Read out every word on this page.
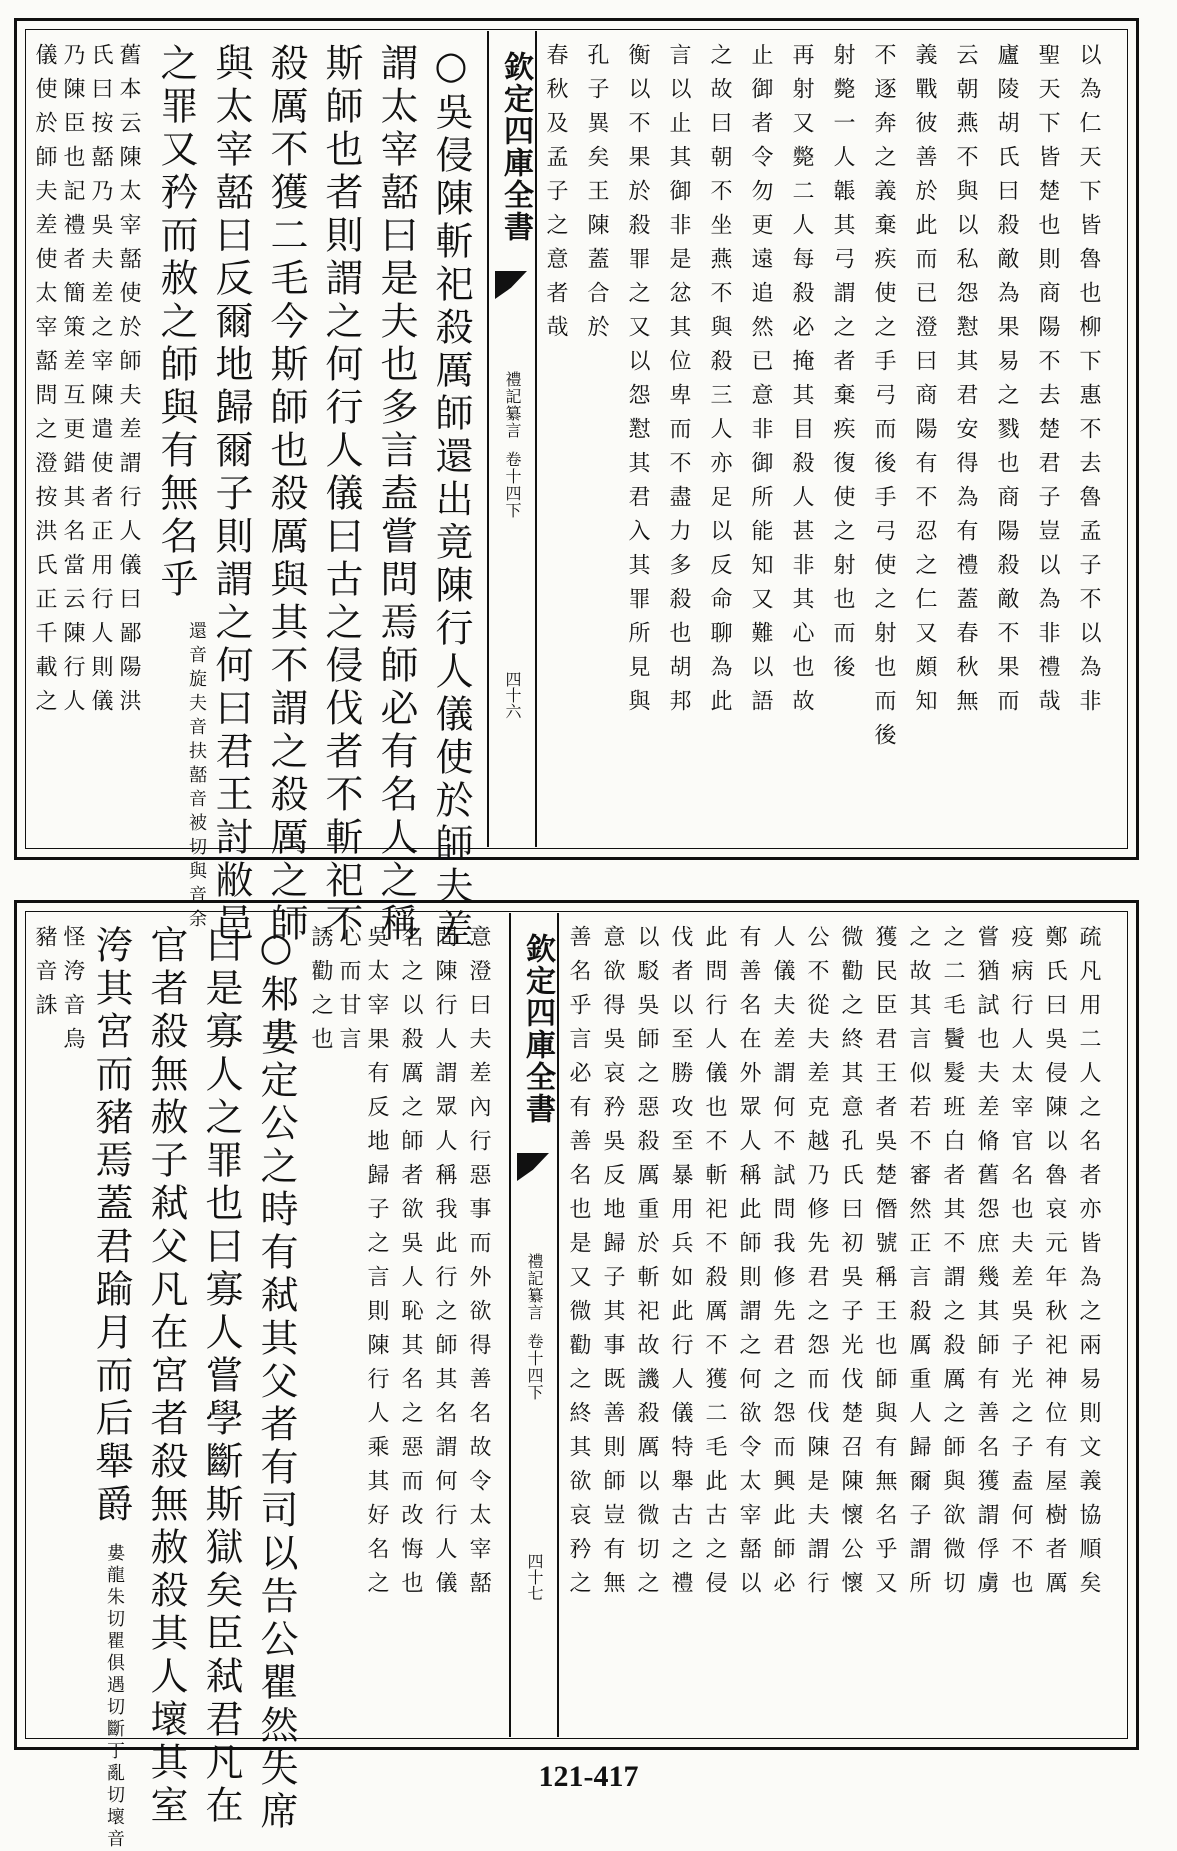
以為仁天下皆魯也柳下惠不去魯孟子不以為非
聖天下皆楚也則商陽不去楚君子豈以為非禮哉
廬陵胡氏曰殺敵為果易之戮也商陽殺敵不果而
云朝燕不與以私怨懟其君安得為有禮蓋春秋無
義戰彼善於此而已澄曰商陽有不忍之仁又頗知
不逐奔之義棄疾使之手弓而後手弓使之射也而後
射斃一人韔其弓謂之者棄疾復使之射也而後
再射又斃二人每殺必掩其目殺人甚非其心也故
止御者令勿更遠追然已意非御所能知又難以語
之故曰朝不坐燕不與殺三人亦足以反命聊為此
言以止其御非是忿其位卑而不盡力多殺也胡邦
衡以不果於殺罪之又以怨懟其君入其罪所見與
孔子異矣王陳蓋合於
春秋及孟子之意者哉
欽定四庫全書
禮記纂言
卷十四下
四十六
○吳侵陳斬祀殺厲師還出竟陳行人儀使於師夫差
謂太宰嚭曰是夫也多言盍嘗問焉師必有名人之稱
斯師也者則謂之何行人儀曰古之侵伐者不斬祀不
殺厲不獲二毛今斯師也殺厲與其不謂之殺厲之師
與太宰嚭曰反爾地歸爾子則謂之何曰君王討敝邑
之罪又矜而赦之師與有無名乎
還音旋夫音扶嚭音被切與音余
舊本云陳太宰嚭使於師夫差謂行人儀曰鄙陽洪
氏曰按嚭乃吳夫差之宰陳遣使者正用行人則儀
乃陳臣也記禮者簡策差互更錯其名當云陳行人
儀使於師夫差使太宰嚭問之澄按洪氏正千載之
疏凡用二人之名者亦皆為之兩易則文義協順矣
鄭氏曰吳侵陳以魯哀元年秋祀神位有屋樹者厲
疫病行人太宰官名也夫差吳子光之子盍何不也
嘗猶試也夫差脩舊怨庶幾其師有善名獲謂俘虜
之二毛鬢髮班白者其不謂之殺厲之師與欲微切
之故其言似若不審然正言殺厲重人歸爾子謂所
獲民臣君王者吳楚僭號稱王也師與有無名乎又
微勸之終其意孔氏曰初吳子光伐楚召陳懷公懷
公不從夫差克越乃修先君之怨而伐陳是夫謂行
人儀夫差謂何不試問我修先君之怨而興此師必
有善名在外眾人稱此師則謂之何欲令太宰嚭以
此問行人儀也不斬祀不殺厲不獲二毛此古之侵
伐者以至勝攻至暴用兵如此行人儀特舉古之禮
以駁吳師之惡殺厲重於斬祀故譏殺厲以微切之
意欲得吳哀矜吳反地歸子其事既善則師豈有無
善名乎言必有善名也是又微勸之終其欲哀矜之
欽定四庫全書
禮記纂言
卷十四下
四十七
意澄曰夫差內行惡事而外欲得善名故令太宰嚭
問陳行人謂眾人稱我此行之師其名謂何行人儀
名之以殺厲之師者欲吳人恥其名之惡而改悔也
吳太宰果有反地歸子之言則陳行人乘其好名之
心而甘言
誘勸之也
○邾婁定公之時有弒其父者有司以告公瞿然失席
曰是寡人之罪也曰寡人嘗學斷斯獄矣臣弒君凡在
官者殺無赦子弒父凡在宮者殺無赦殺其人壞其室
洿其宮而豬焉蓋君踰月而后舉爵
婁龍朱切瞿俱遇切斷丁亂切壞音
怪洿音烏
豬音誅
121-417
